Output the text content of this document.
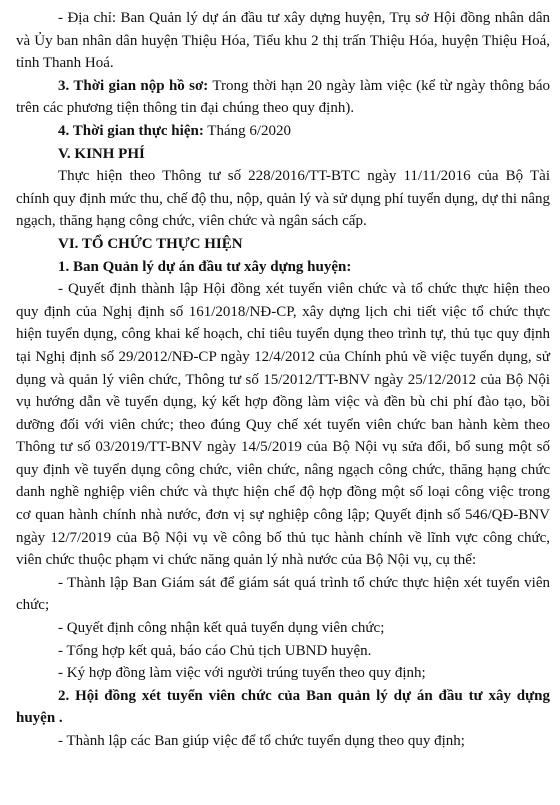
- Địa chỉ: Ban Quản lý dự án đầu tư xây dựng huyện, Trụ sở Hội đồng nhân dân và Ủy ban nhân dân huyện Thiệu Hóa, Tiểu khu 2 thị trấn Thiệu Hóa, huyện Thiệu Hoá, tỉnh Thanh Hoá.

3. Thời gian nộp hồ sơ: Trong thời hạn 20 ngày làm việc (kể từ ngày thông báo trên các phương tiện thông tin đại chúng theo quy định).

4. Thời gian thực hiện: Tháng 6/2020

V. KINH PHÍ

Thực hiện theo Thông tư số 228/2016/TT-BTC ngày 11/11/2016 của Bộ Tài chính quy định mức thu, chế độ thu, nộp, quản lý và sử dụng phí tuyển dụng, dự thi nâng ngạch, thăng hạng công chức, viên chức và ngân sách cấp.

VI. TỔ CHỨC THỰC HIỆN

1. Ban Quản lý dự án đầu tư xây dựng huyện:

- Quyết định thành lập Hội đồng xét tuyển viên chức và tổ chức thực hiện theo quy định của Nghị định số 161/2018/NĐ-CP, xây dựng lịch chi tiết việc tổ chức thực hiện tuyển dụng, công khai kế hoạch, chỉ tiêu tuyển dụng theo trình tự, thủ tục quy định tại Nghị định số 29/2012/NĐ-CP ngày 12/4/2012 của Chính phủ về việc tuyển dụng, sử dụng và quản lý viên chức, Thông tư số 15/2012/TT-BNV ngày 25/12/2012 của Bộ Nội vụ hướng dẫn về tuyển dụng, ký kết hợp đồng làm việc và đền bù chi phí đào tạo, bồi dưỡng đối với viên chức; theo đúng Quy chế xét tuyển viên chức ban hành kèm theo Thông tư số 03/2019/TT-BNV ngày 14/5/2019 của Bộ Nội vụ sửa đổi, bổ sung một số quy định về tuyển dụng công chức, viên chức, nâng ngạch công chức, thăng hạng chức danh nghề nghiệp viên chức và thực hiện chế độ hợp đồng một số loại công việc trong cơ quan hành chính nhà nước, đơn vị sự nghiệp công lập; Quyết định số 546/QĐ-BNV ngày 12/7/2019 của Bộ Nội vụ về công bố thủ tục hành chính về lĩnh vực công chức, viên chức thuộc phạm vi chức năng quản lý nhà nước của Bộ Nội vụ, cụ thể:

- Thành lập Ban Giám sát để giám sát quá trình tổ chức thực hiện xét tuyển viên chức;

- Quyết định công nhận kết quả tuyển dụng viên chức;

- Tổng hợp kết quả, báo cáo Chủ tịch UBND huyện.

- Ký hợp đồng làm việc với người trúng tuyển theo quy định;

2. Hội đồng xét tuyển viên chức của Ban quản lý dự án đầu tư xây dựng huyện .

- Thành lập các Ban giúp việc để tổ chức tuyển dụng theo quy định;
